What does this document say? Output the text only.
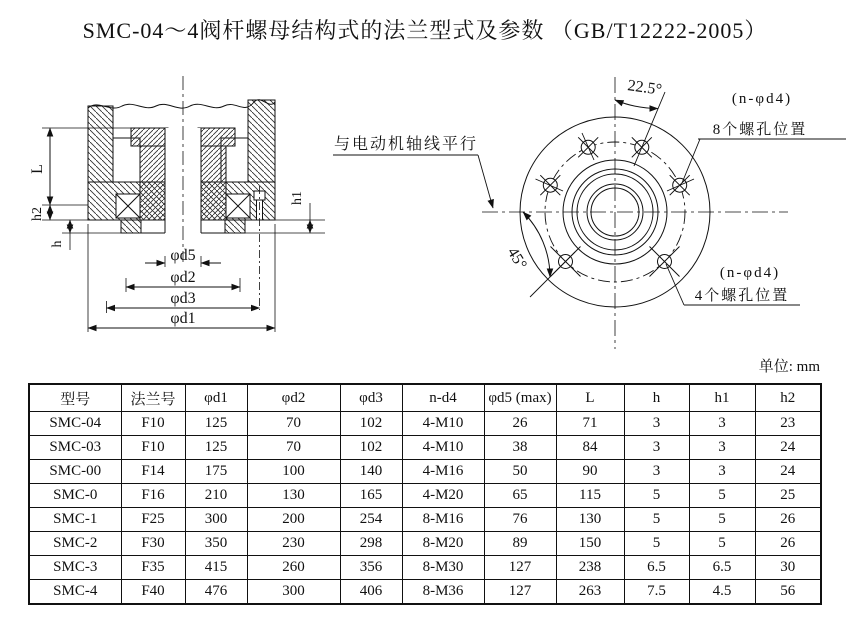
SMC-04～4阀杆螺母结构式的法兰型式及参数 （GB/T12222-2005）
L
h2
h
h1
φd5
φd2
φd3
φd1
22.5°
45°
与电动机轴线平行
(n-φd4)
8个螺孔位置
(n-φd4)
4个螺孔位置
单位: mm
型号	法兰号	φd1	φd2	φd3	n-d4	φd5 (max)	L	h	h1	h2
SMC-04	F10	125	70	102	4-M10	26	71	3	3	23
SMC-03	F10	125	70	102	4-M10	38	84	3	3	24
SMC-00	F14	175	100	140	4-M16	50	90	3	3	24
SMC-0	F16	210	130	165	4-M20	65	115	5	5	25
SMC-1	F25	300	200	254	8-M16	76	130	5	5	26
SMC-2	F30	350	230	298	8-M20	89	150	5	5	26
SMC-3	F35	415	260	356	8-M30	127	238	6.5	6.5	30
SMC-4	F40	476	300	406	8-M36	127	263	7.5	4.5	56
